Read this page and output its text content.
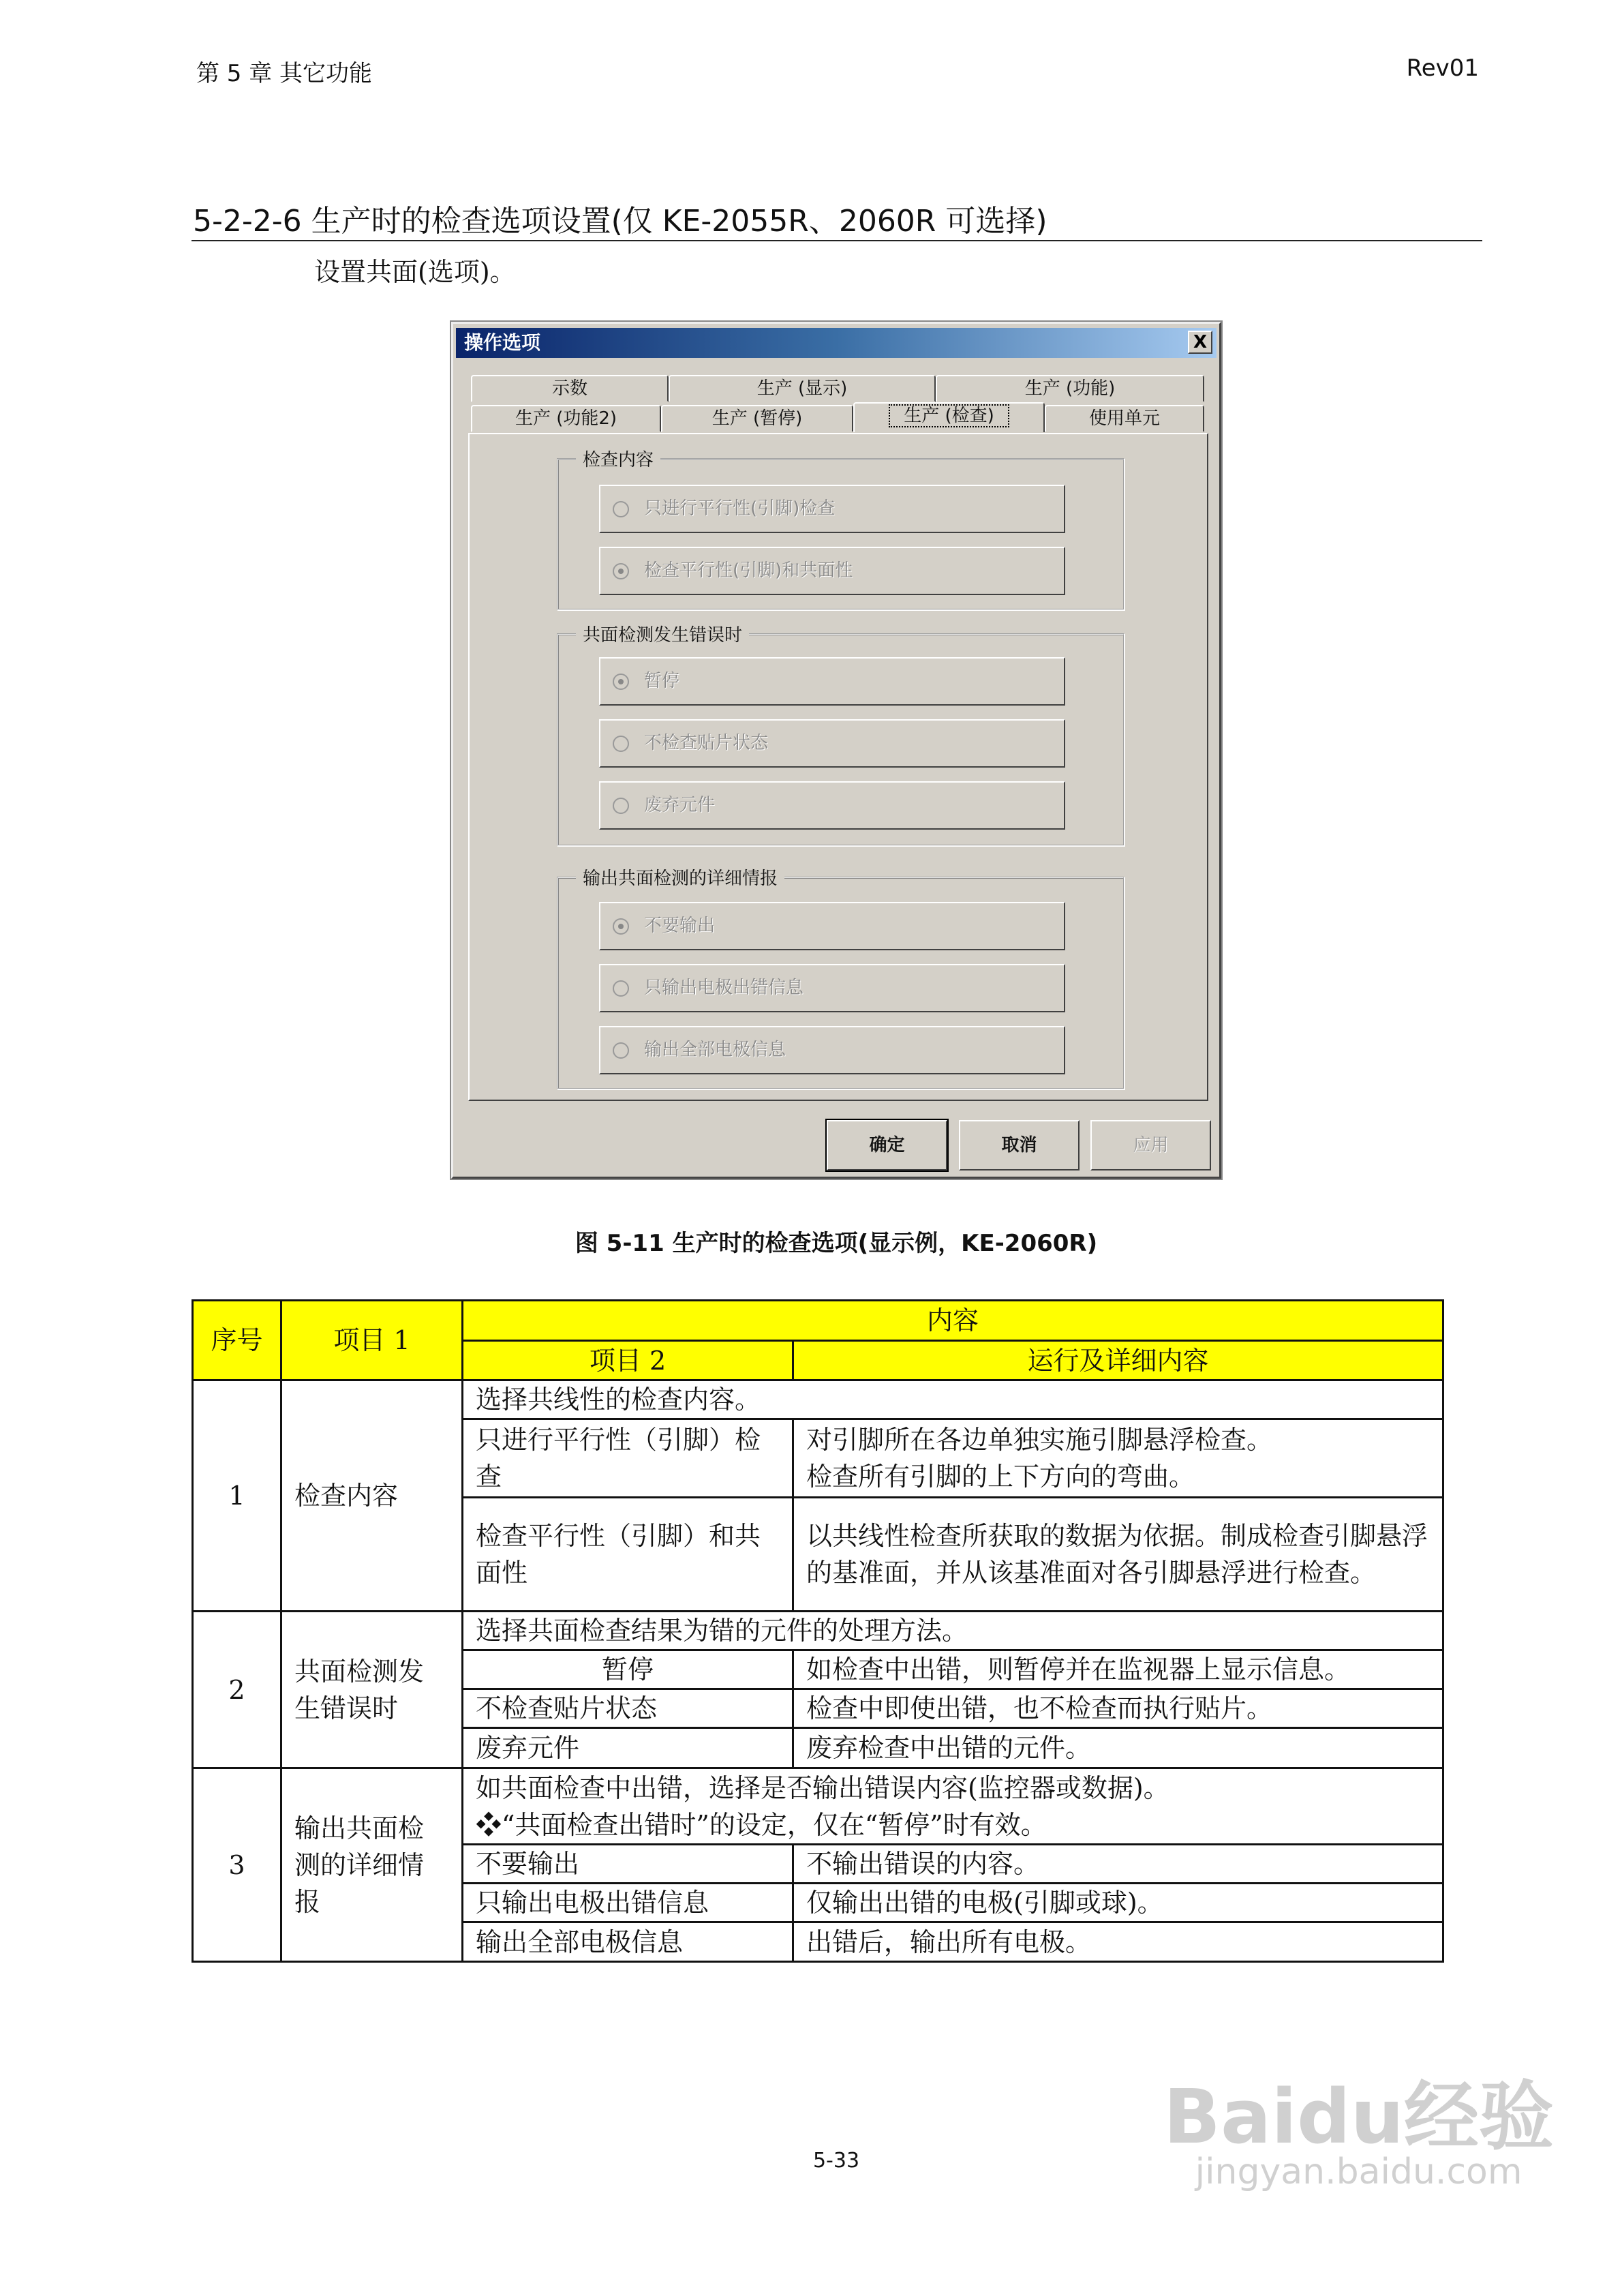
第 5 章 其它功能	Rev01
5-2-2-6 生产时的检查选项设置(仅 KE-2055R、2060R 可选择)
设置共面(选项)。
操作选项	X
示数	生产 (显示)	生产 (功能)
生产 (功能2)	生产 (暂停)	生产 (检查)	使用单元
检查内容
只进行平行性(引脚)检查
检查平行性(引脚)和共面性
共面检测发生错误时
暂停
不检查贴片状态
废弃元件
输出共面检测的详细情报
不要输出
只输出电极出错信息
输出全部电极信息
确定	取消	应用
图 5-11 生产时的检查选项(显示例，KE-2060R)
序号	项目 1	内容	
		项目 2	运行及详细内容
1	检查内容	选择共线性的检查内容。	
		只进行平行性（引脚）检查	对引脚所在各边单独实施引脚悬浮检查。
检查所有引脚的上下方向的弯曲。
		检查平行性（引脚）和共面性	以共线性检查所获取的数据为依据。制成检查引脚悬浮的基准面，并从该基准面对各引脚悬浮进行检查。
2	共面检测发生错误时	选择共面检查结果为错的元件的处理方法。	
		暂停	如检查中出错，则暂停并在监视器上显示信息。
		不检查贴片状态	检查中即使出错，也不检查而执行贴片。
		废弃元件	废弃检查中出错的元件。
3	输出共面检测的详细情报	如共面检查中出错，选择是否输出错误内容(监控器或数据)。
❖“共面检查出错时”的设定，仅在“暂停”时有效。	

		不要输出	不输出错误的内容。
		只输出电极出错信息	仅输出出错的电极(引脚或球)。
		输出全部电极信息	出错后，输出所有电极。
5-33
Baidu经验
jingyan.baidu.com
